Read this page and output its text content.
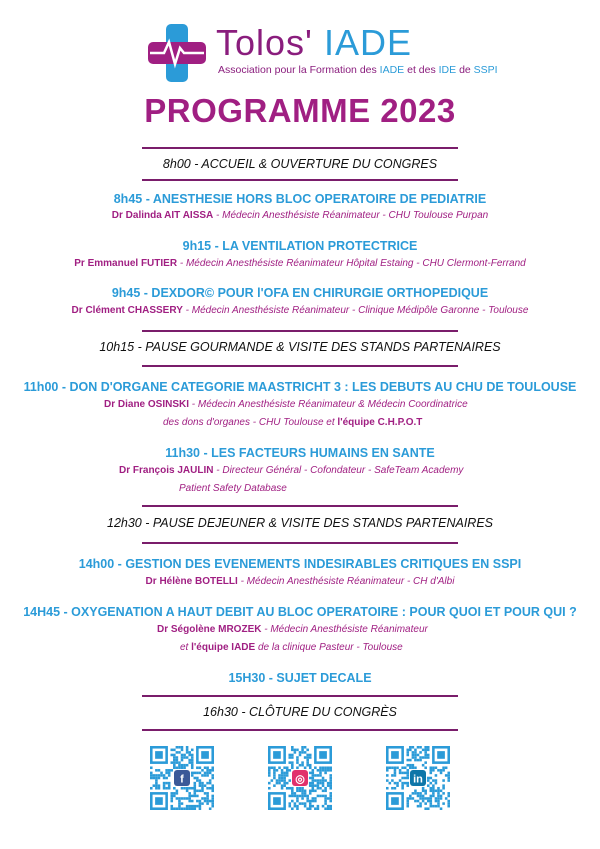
Tolos' IADE
Association pour la Formation des IADE et des IDE de SSPI
PROGRAMME 2023
8h00 - ACCUEIL & OUVERTURE DU CONGRES
8h45 - ANESTHESIE HORS BLOC OPERATOIRE DE PEDIATRIE
Dr Dalinda AIT AISSA - Médecin Anesthésiste Réanimateur - CHU Toulouse Purpan
9h15 - LA VENTILATION PROTECTRICE
Pr Emmanuel FUTIER - Médecin Anesthésiste Réanimateur Hôpital Estaing - CHU Clermont-Ferrand
9h45 - DEXDOR© POUR l'OFA EN CHIRURGIE ORTHOPEDIQUE
Dr Clément CHASSERY - Médecin Anesthésiste Réanimateur - Clinique Médipôle Garonne - Toulouse
10h15 - PAUSE GOURMANDE & VISITE DES STANDS PARTENAIRES
11h00 - DON D'ORGANE CATEGORIE MAASTRICHT 3 : LES DEBUTS AU CHU DE TOULOUSE
Dr Diane OSINSKI - Médecin Anesthésiste Réanimateur & Médecin Coordinatrice
des dons d'organes - CHU Toulouse et l'équipe C.H.P.O.T
11h30 - LES FACTEURS HUMAINS EN SANTE
Dr François JAULIN - Directeur Général - Cofondateur - SafeTeam Academy
Patient Safety Database
12h30 - PAUSE DEJEUNER & VISITE DES STANDS PARTENAIRES
14h00 - GESTION DES EVENEMENTS INDESIRABLES CRITIQUES EN SSPI
Dr Hélène BOTELLI - Médecin Anesthésiste Réanimateur - CH d'Albi
14H45 - OXYGENATION A HAUT DEBIT AU BLOC OPERATOIRE : POUR QUOI ET POUR QUI ?
Dr Ségolène MROZEK - Médecin Anesthésiste Réanimateur
et l'équipe IADE de la clinique Pasteur - Toulouse
15H30 - SUJET DECALE
16h30 - CLÔTURE DU CONGRÈS
f	◎	in
